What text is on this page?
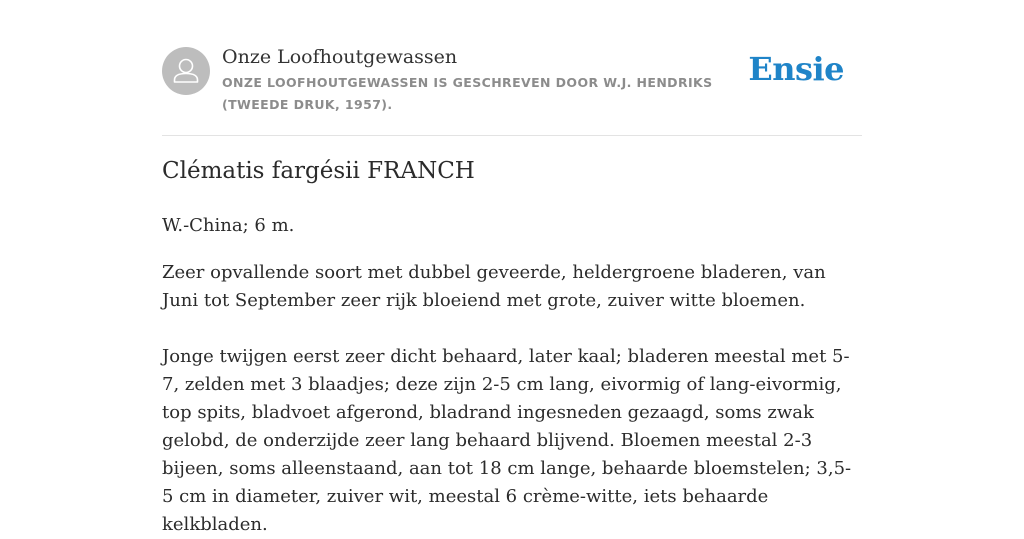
Onze Loofhoutgewassen
ONZE LOOFHOUTGEWASSEN IS GESCHREVEN DOOR W.J. HENDRIKS (TWEEDE DRUK, 1957).
Ensie
Clématis fargésii FRANCH

W.-China; 6 m.

Zeer opvallende soort met dubbel geveerde, heldergroene bladeren, van Juni tot September zeer rijk bloeiend met grote, zuiver witte bloemen.

Jonge twijgen eerst zeer dicht behaard, later kaal; bladeren meestal met 5-7, zelden met 3 blaadjes; deze zijn 2-5 cm lang, eivormig of lang-eivormig, top spits, bladvoet afgerond, bladrand ingesneden gezaagd, soms zwak gelobd, de onderzijde zeer lang behaard blijvend. Bloemen meestal 2-3 bijeen, soms alleenstaand, aan tot 18 cm lange, behaarde bloemstelen; 3,5-5 cm in diameter, zuiver wit, meestal 6 crème-witte, iets behaarde kelkbladen.
